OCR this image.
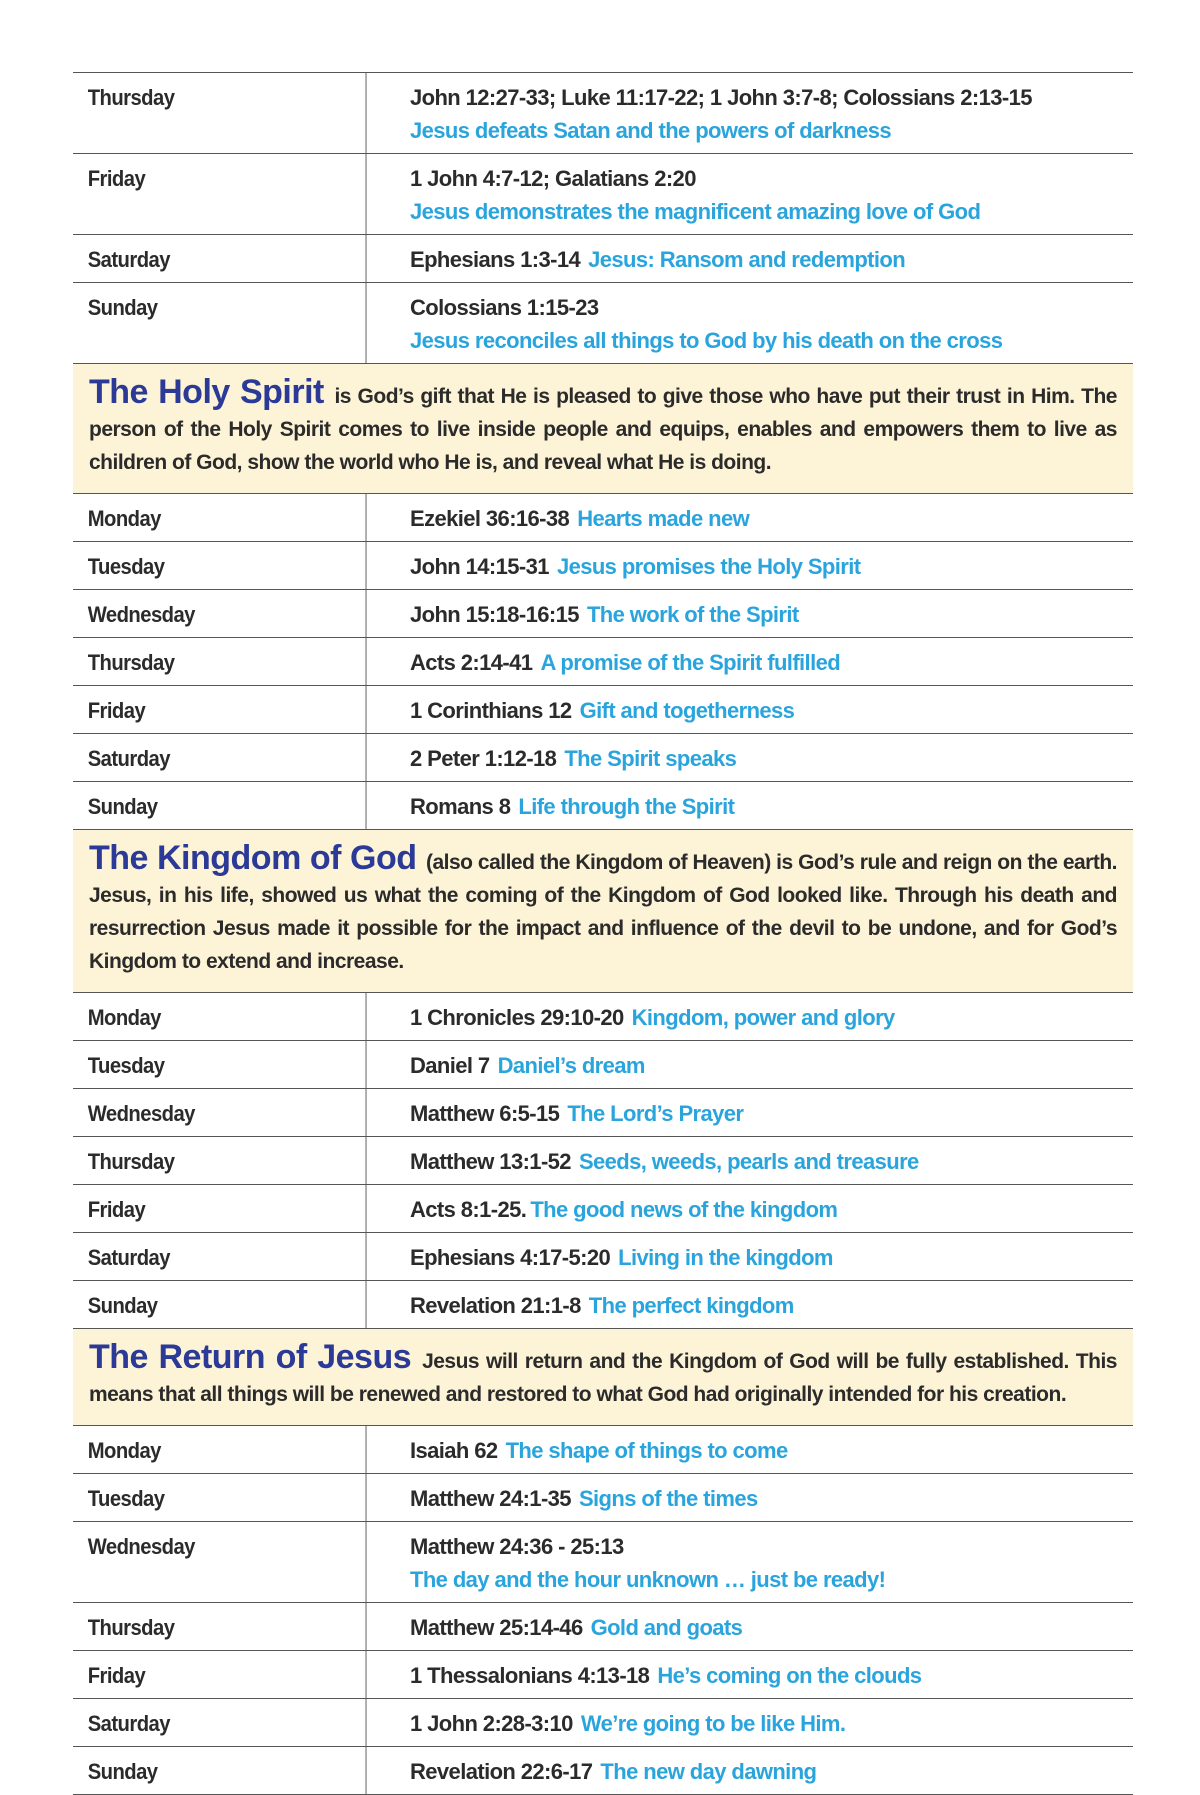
Thursday	John 12:27-33; Luke 11:17-22; 1 John 3:7-8; Colossians 2:13-15
Jesus defeats Satan and the powers of darkness
Friday	1 John 4:7-12; Galatians 2:20
Jesus demonstrates the magnificent amazing love of God
Saturday	Ephesians 1:3-14 Jesus: Ransom and redemption
Sunday	Colossians 1:15-23
Jesus reconciles all things to God by his death on the cross
The Holy Spirit is God’s gift that He is pleased to give those who have put their trust in Him. The person of the Holy Spirit comes to live inside people and equips, enables and empowers them to live as children of God, show the world who He is, and reveal what He is doing.
Monday	Ezekiel 36:16-38 Hearts made new
Tuesday	John 14:15-31 Jesus promises the Holy Spirit
Wednesday	John 15:18-16:15 The work of the Spirit
Thursday	Acts 2:14-41 A promise of the Spirit fulfilled
Friday	1 Corinthians 12 Gift and togetherness
Saturday	2 Peter 1:12-18 The Spirit speaks
Sunday	Romans 8 Life through the Spirit
The Kingdom of God (also called the Kingdom of Heaven) is God’s rule and reign on the earth. Jesus, in his life, showed us what the coming of the Kingdom of God looked like. Through his death and resurrection Jesus made it possible for the impact and influence of the devil to be undone, and for God’s Kingdom to extend and increase.
Monday	1 Chronicles 29:10-20 Kingdom, power and glory
Tuesday	Daniel 7 Daniel’s dream
Wednesday	Matthew 6:5-15 The Lord’s Prayer
Thursday	Matthew 13:1-52 Seeds, weeds, pearls and treasure
Friday	Acts 8:1-25. The good news of the kingdom
Saturday	Ephesians 4:17-5:20 Living in the kingdom
Sunday	Revelation 21:1-8 The perfect kingdom
The Return of Jesus Jesus will return and the Kingdom of God will be fully established. This means that all things will be renewed and restored to what God had originally intended for his creation.
Monday	Isaiah 62 The shape of things to come
Tuesday	Matthew 24:1-35 Signs of the times
Wednesday	Matthew 24:36 - 25:13
The day and the hour unknown … just be ready!
Thursday	Matthew 25:14-46 Gold and goats
Friday	1 Thessalonians 4:13-18 He’s coming on the clouds
Saturday	1 John 2:28-3:10 We’re going to be like Him.
Sunday	Revelation 22:6-17 The new day dawning
